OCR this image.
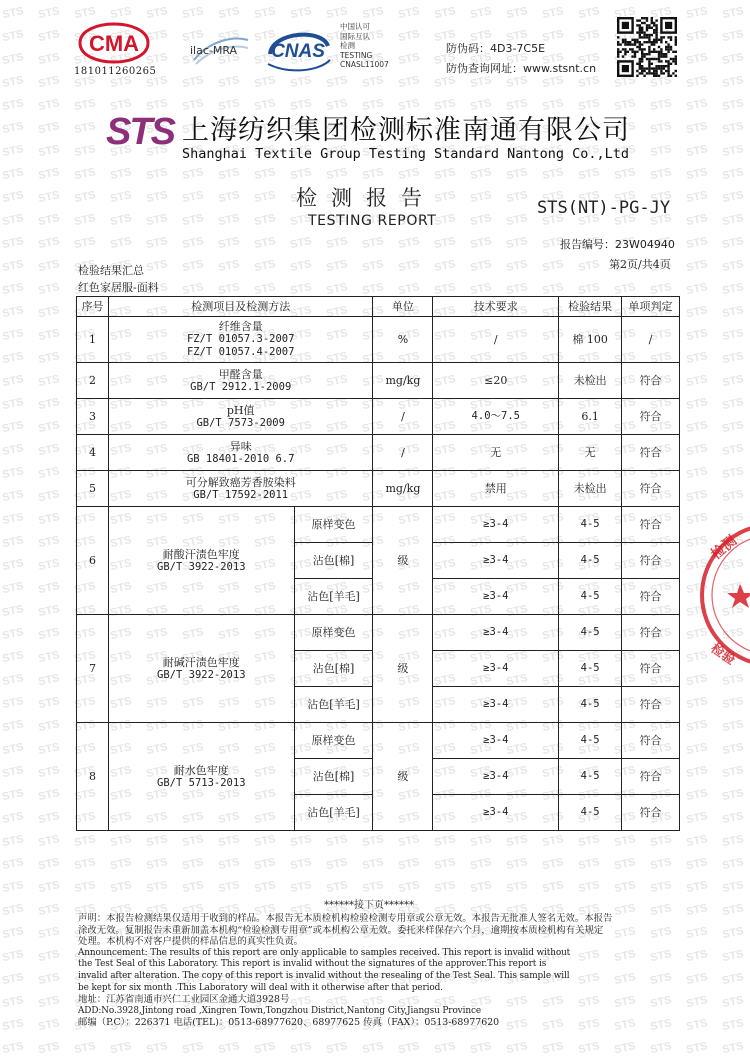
CMA
181011260265
ilac-MRA CNAS
中国认可
国际互认
检测
TESTING
CNASL11007
防伪码：4D3-7C5E
防伪查询网址：www.stsnt.cn
STS 上海纺织集团检测标准南通有限公司
Shanghai Textile Group Testing Standard Nantong Co.,Ltd
检测报告
TESTING REPORT
STS(NT)-PG-JY
报告编号：23W04940
第2页/共4页
检验结果汇总
红色家居服-面料
序号	检测项目及检测方法		单位	技术要求	检验结果	单项判定
1	纤维含量
FZ/T 01057.3-2007
FZ/T 01057.4-2007		%	/	棉 100	/
2	甲醛含量
GB/T 2912.1-2009		mg/kg	≤20	未检出	符合
3	pH值
GB/T 7573-2009		/	4.0～7.5	6.1	符合
4	异味
GB 18401-2010 6.7		/	无	无	符合
5	可分解致癌芳香胺染料
GB/T 17592-2011		mg/kg	禁用	未检出	符合
6	耐酸汗渍色牢度
GB/T 3922-2013	原样变色	级	≥3-4	4-5	符合
		沾色[棉]		≥3-4	4-5	符合
		沾色[羊毛]		≥3-4	4-5	符合
7	耐碱汗渍色牢度
GB/T 3922-2013	原样变色	级	≥3-4	4-5	符合
		沾色[棉]		≥3-4	4-5	符合
		沾色[羊毛]		≥3-4	4-5	符合
8	耐水色牢度
GB/T 5713-2013	原样变色	级	≥3-4	4-5	符合
		沾色[棉]		≥3-4	4-5	符合
		沾色[羊毛]		≥3-4	4-5	符合
检测
检验
******接下页******
声明：本报告检测结果仅适用于收到的样品。本报告无本质检机构检验检测专用章或公章无效。本报告无批准人签名无效。本报告
涂改无效。复制报告未重新加盖本机构“检验检测专用章”或本机构公章无效。委托来样保存六个月，逾期按本质检机构有关规定
处理。本机构不对客户提供的样品信息的真实性负责。
Announcement: The results of this report are only applicable to samples received. This report is invalid without
the Test Seal of this Laboratory. This report is invalid without the signatures of the approver.This report is
invalid after alteration. The copy of this report is invalid without the resealing of the Test Seal. This sample will
be kept for six month .This Laboratory will deal with it otherwise after that period.
地址：江苏省南通市兴仁工业园区金通大道3928号
ADD:No.3928,Jintong road ,Xingren Town,Tongzhou District,Nantong City,Jiangsu Province
邮编（P.C）：226371 电话(TEL)：0513-68977620、68977625 传真（FAX）：0513-68977620
